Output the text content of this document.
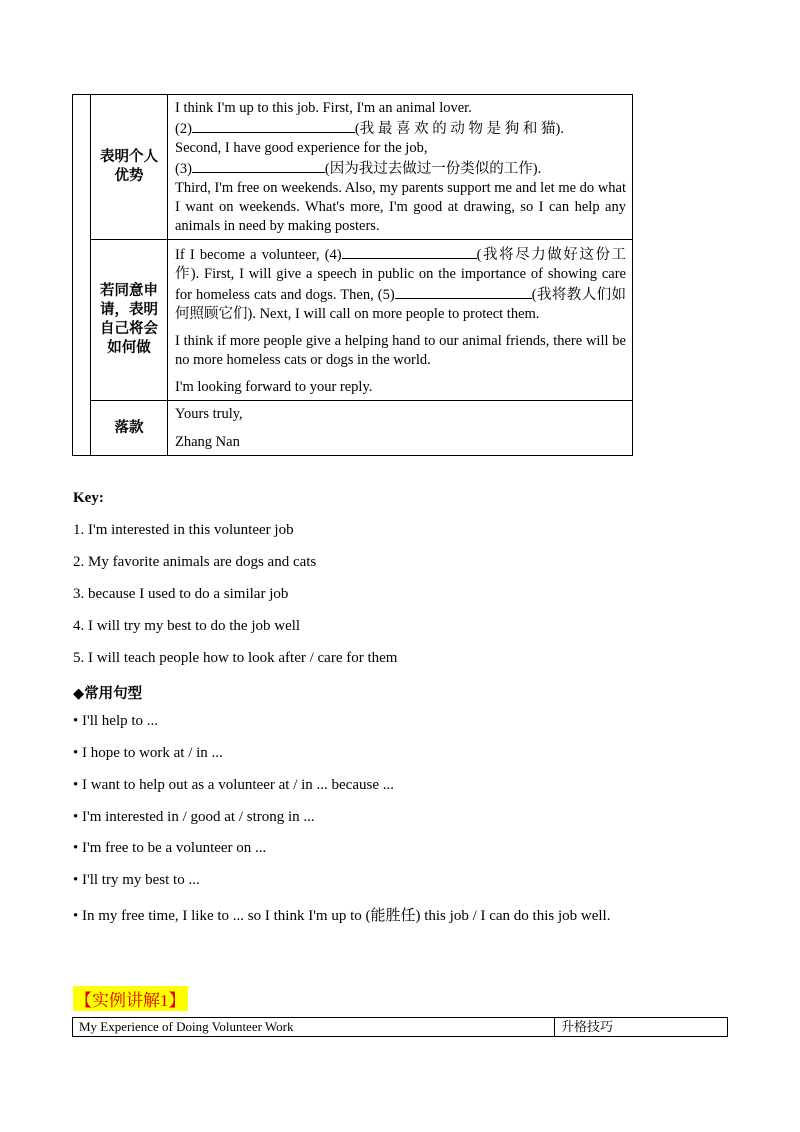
	表明个人优势	I think I'm up to this job. First, I'm an animal lover.
(2) (我 最 喜 欢 的 动 物 是 狗 和 猫).
Second, I have good experience for the job,
(3) (因为我过去做过一份类似的工作).
Third, I'm free on weekends. Also, my parents support me and let me do what I want on weekends. What's more, I'm good at drawing, so I can help any animals in need by making posters.

	若同意申请，表明自己将会如何做	If I become a volunteer, (4) (我将尽力做好这份工作). First, I will give a speech in public on the importance of showing care for homeless cats and dogs. Then, (5) (我将教人们如何照顾它们). Next, I will call on more people to protect them.

I think if more people give a helping hand to our animal friends, there will be no more homeless cats or dogs in the world.

I'm looking forward to your reply.

	落款	Yours truly,
Zhang Nan
Key:
1. I'm interested in this volunteer job
2. My favorite animals are dogs and cats
3. because I used to do a similar job
4. I will try my best to do the job well
5. I will teach people how to look after / care for them
◆常用句型
• I'll help to ...
• I hope to work at / in ...
• I want to help out as a volunteer at / in ... because ...
• I'm interested in / good at / strong in ...
• I'm free to be a volunteer on ...
• I'll try my best to ...
• In my free time, I like to ... so I think I'm up to (能胜任) this job / I can do this job well.
【实例讲解1】
My Experience of Doing Volunteer Work	升格技巧
